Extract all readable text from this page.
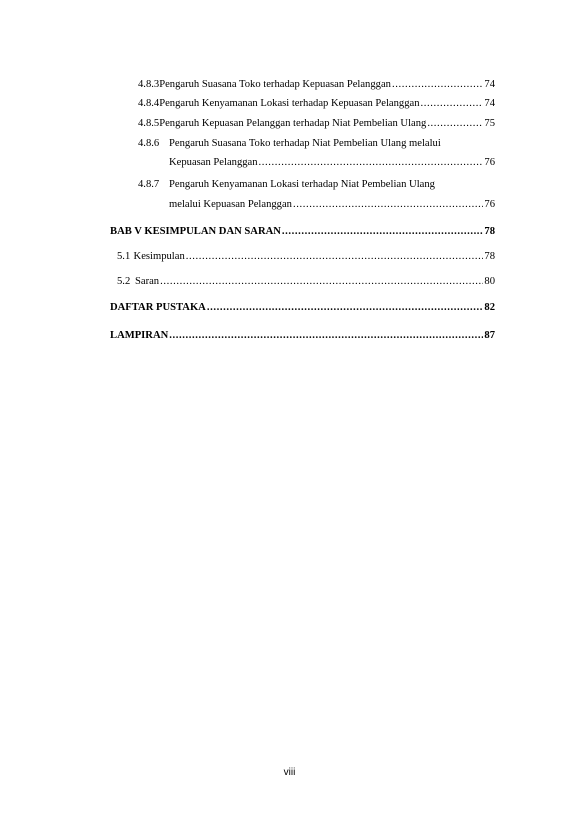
4.8.3 Pengaruh Suasana Toko terhadap Kepuasan Pelanggan .....	74
4.8.4 Pengaruh Kenyamanan Lokasi terhadap Kepuasan Pelanggan .....	74
4.8.5 Pengaruh Kepuasan Pelanggan terhadap Niat Pembelian Ulang .....	75
4.8.6 Pengaruh Suasana Toko terhadap Niat Pembelian Ulang melalui
Kepuasan Pelanggan .....	76
4.8.7 Pengaruh Kenyamanan Lokasi terhadap Niat Pembelian Ulang
melalui Kepuasan Pelanggan .....	76
BAB V KESIMPULAN DAN SARAN .....	78
5.1 Kesimpulan .....	78
5.2 Saran .....	80
DAFTAR PUSTAKA .....	82
LAMPIRAN .....	87
viii
